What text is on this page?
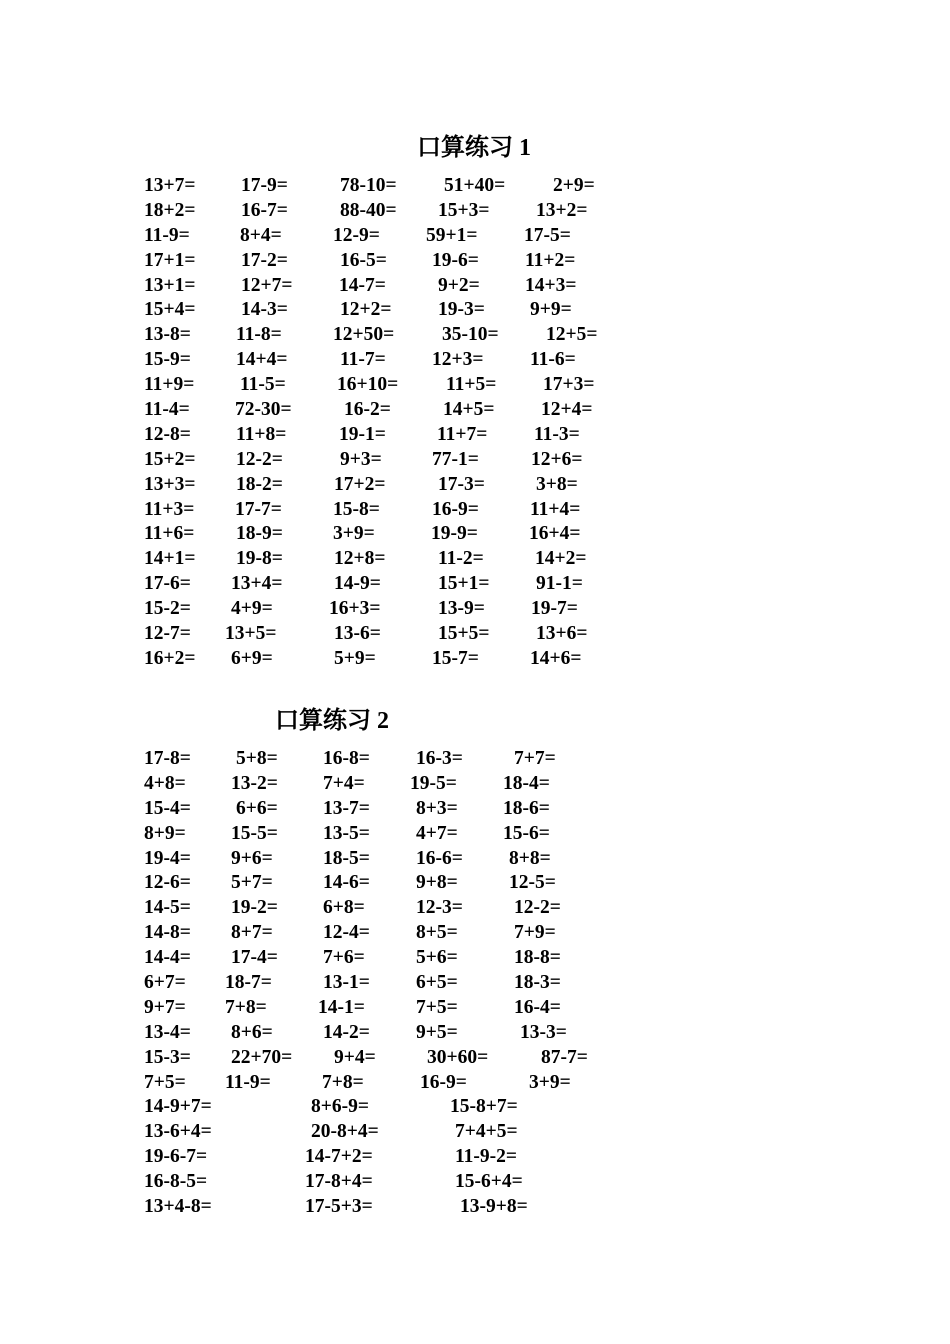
口算练习 1
13+7= 17-9=	78-10= 51+40= 2+9=
18+2= 16-7=	88-40= 15+3= 13+2=
11-9=	8+4=	12-9= 59+1= 17-5=
17+1= 17-2=	16-5= 19-6= 11+2=
13+1= 12+7= 14-7=	9+2= 14+3=
15+4= 14-3=	12+2= 19-3= 9+9=
13-8= 11-8=	12+50= 35-10= 12+5=
15-9= 14+4=	11-7= 12+3= 11-6=
11+9= 11-5=	16+10= 11+5= 17+3=
11-4= 72-30=	16-2=	14+5= 12+4=
12-8= 11+8=	19-1=	11+7= 11-3=
15+2= 12-2=	9+3=	77-1=	12+6=
13+3= 18-2=	17+2=	17-3=	3+8=
11+3= 17-7=	15-8=	16-9=	11+4=
11+6= 18-9=	3+9=	19-9=	16+4=
14+1= 19-8=	12+8=	11-2=	14+2=
17-6= 13+4=	14-9=	15+1= 91-1=
15-2= 4+9=	16+3=	13-9= 19-7=
12-7= 13+5=	13-6=	15+5= 13+6=
16+2= 6+9=	5+9=	15-7=	14+6=
口算练习 2
17-8= 5+8= 16-8= 16-3=	7+7=
4+8= 13-2= 7+4= 19-5= 18-4=
15-4= 6+6= 13-7= 8+3= 18-6=
8+9= 15-5= 13-5= 4+7= 15-6=
19-4= 9+6=	18-5= 16-6= 8+8=
12-6= 5+7=	14-6= 9+8=	12-5=
14-5= 19-2= 6+8=	12-3=	12-2=
14-8= 8+7=	12-4= 8+5=	7+9=
14-4= 17-4= 7+6=	5+6=	18-8=
6+7= 18-7=	13-1= 6+5=	18-3=
9+7= 7+8=	14-1=	7+5=	16-4=
13-4= 8+6=	14-2= 9+5=	13-3=
15-3= 22+70= 9+4=	30+60=	87-7=
7+5= 11-9=	7+8=	16-9=	3+9=
14-9+7=	8+6-9=	15-8+7=
13-6+4=	20-8+4=	7+4+5=
19-6-7=	14-7+2=	11-9-2=
16-8-5=	17-8+4=	15-6+4=
13+4-8=	17-5+3=	13-9+8=
